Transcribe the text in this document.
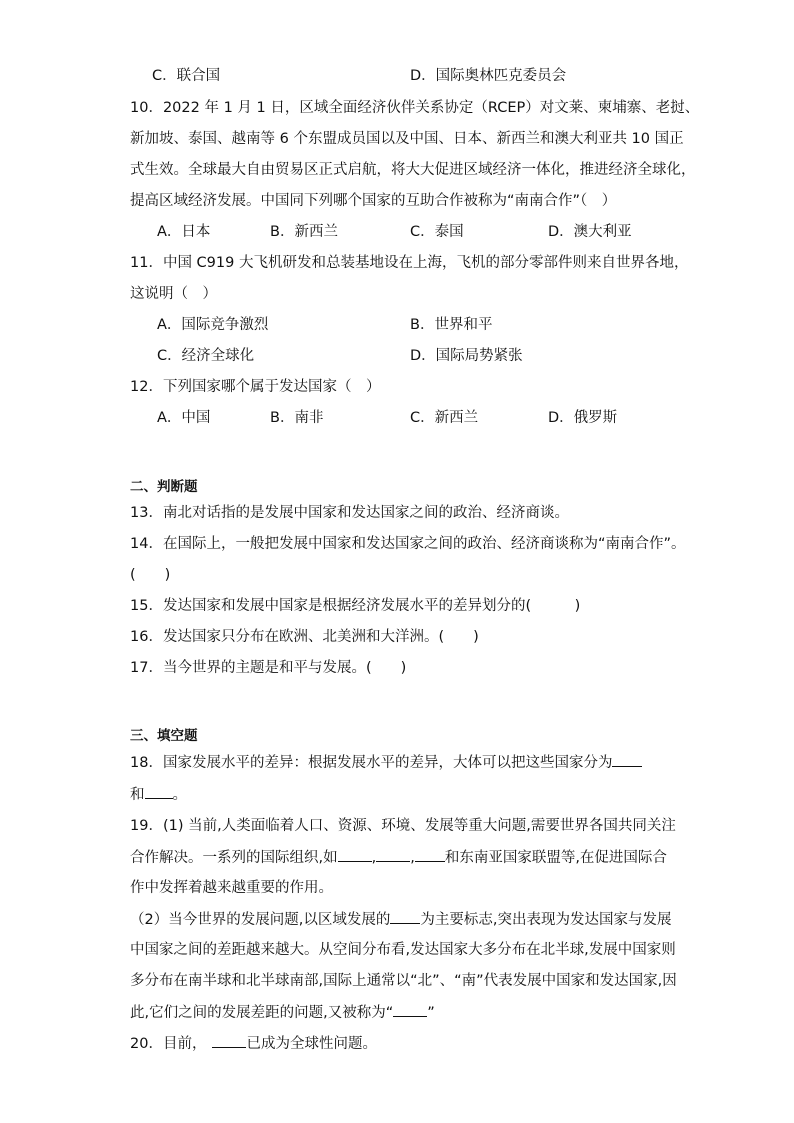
C．联合国	D．国际奥林匹克委员会
10．2022 年 1 月 1 日，区域全面经济伙伴关系协定（RCEP）对文莱、柬埔寨、老挝、
新加坡、泰国、越南等 6 个东盟成员国以及中国、日本、新西兰和澳大利亚共 10 国正
式生效。全球最大自由贸易区正式启航，将大大促进区域经济一体化，推进经济全球化，
提高区域经济发展。中国同下列哪个国家的互助合作被称为“南南合作”（　）
A．日本	B．新西兰	C．泰国	D．澳大利亚
11．中国 C919 大飞机研发和总装基地设在上海，飞机的部分零部件则来自世界各地，
这说明（　）
A．国际竞争激烈	B．世界和平
C．经济全球化	D．国际局势紧张
12．下列国家哪个属于发达国家（　）
A．中国	B．南非	C．新西兰	D．俄罗斯
二、判断题
13．南北对话指的是发展中国家和发达国家之间的政治、经济商谈。
14．在国际上，一般把发展中国家和发达国家之间的政治、经济商谈称为“南南合作”。
(　　)
15．发达国家和发展中国家是根据经济发展水平的差异划分的(　　　)
16．发达国家只分布在欧洲、北美洲和大洋洲。(　　)
17．当今世界的主题是和平与发展。(　　)
三、填空题
18．国家发展水平的差异：根据发展水平的差异，大体可以把这些国家分为
和 。
19．(1) 当前,人类面临着人口、资源、环境、发展等重大问题,需要世界各国共同关注
合作解决。一系列的国际组织,如 , , 和东南亚国家联盟等,在促进国际合
作中发挥着越来越重要的作用。
（2）当今世界的发展问题,以区域发展的 为主要标志,突出表现为发达国家与发展
中国家之间的差距越来越大。从空间分布看,发达国家大多分布在北半球,发展中国家则
多分布在南半球和北半球南部,国际上通常以“北”、“南”代表发展中国家和发达国家,因
此,它们之间的发展差距的问题,又被称为“ ”
20．目前，	已成为全球性问题。
